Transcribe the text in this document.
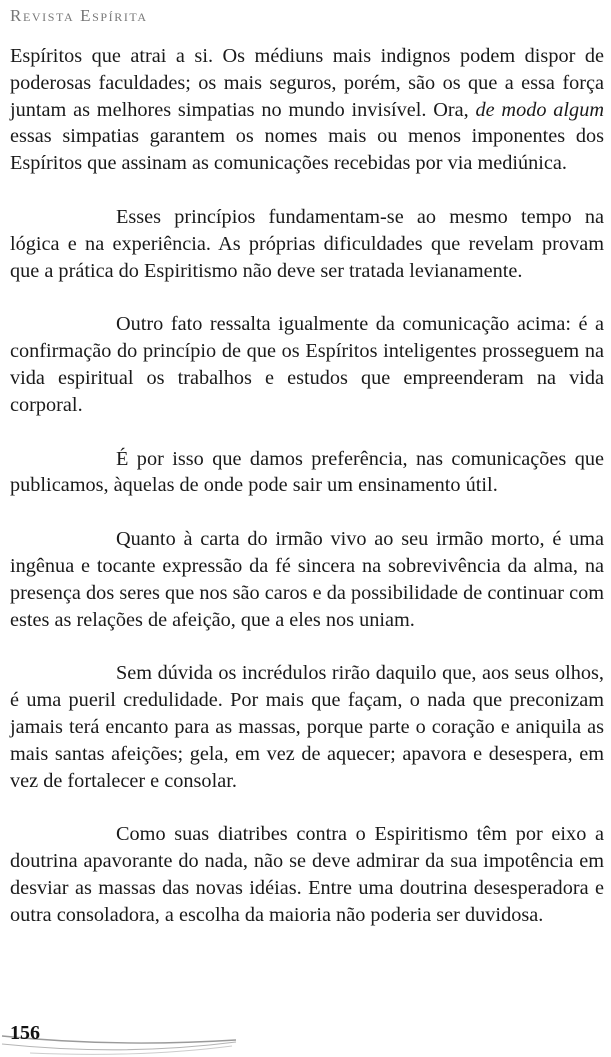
Revista Espírita

Espíritos que atrai a si. Os médiuns mais indignos podem dispor de poderosas faculdades; os mais seguros, porém, são os que a essa força juntam as melhores simpatias no mundo invisível. Ora, de modo algum essas simpatias garantem os nomes mais ou menos imponentes dos Espíritos que assinam as comunicações recebidas por via mediúnica.

Esses princípios fundamentam-se ao mesmo tempo na lógica e na experiência. As próprias dificuldades que revelam provam que a prática do Espiritismo não deve ser tratada levianamente.

Outro fato ressalta igualmente da comunicação acima: é a confirmação do princípio de que os Espíritos inteligentes prosseguem na vida espiritual os trabalhos e estudos que empreenderam na vida corporal.

É por isso que damos preferência, nas comunicações que publicamos, àquelas de onde pode sair um ensinamento útil.

Quanto à carta do irmão vivo ao seu irmão morto, é uma ingênua e tocante expressão da fé sincera na sobrevivência da alma, na presença dos seres que nos são caros e da possibilidade de continuar com estes as relações de afeição, que a eles nos uniam.

Sem dúvida os incrédulos rirão daquilo que, aos seus olhos, é uma pueril credulidade. Por mais que façam, o nada que preconizam jamais terá encanto para as massas, porque parte o coração e aniquila as mais santas afeições; gela, em vez de aquecer; apavora e desespera, em vez de fortalecer e consolar.

Como suas diatribes contra o Espiritismo têm por eixo a doutrina apavorante do nada, não se deve admirar da sua impotência em desviar as massas das novas idéias. Entre uma doutrina desesperadora e outra consoladora, a escolha da maioria não poderia ser duvidosa.

156
